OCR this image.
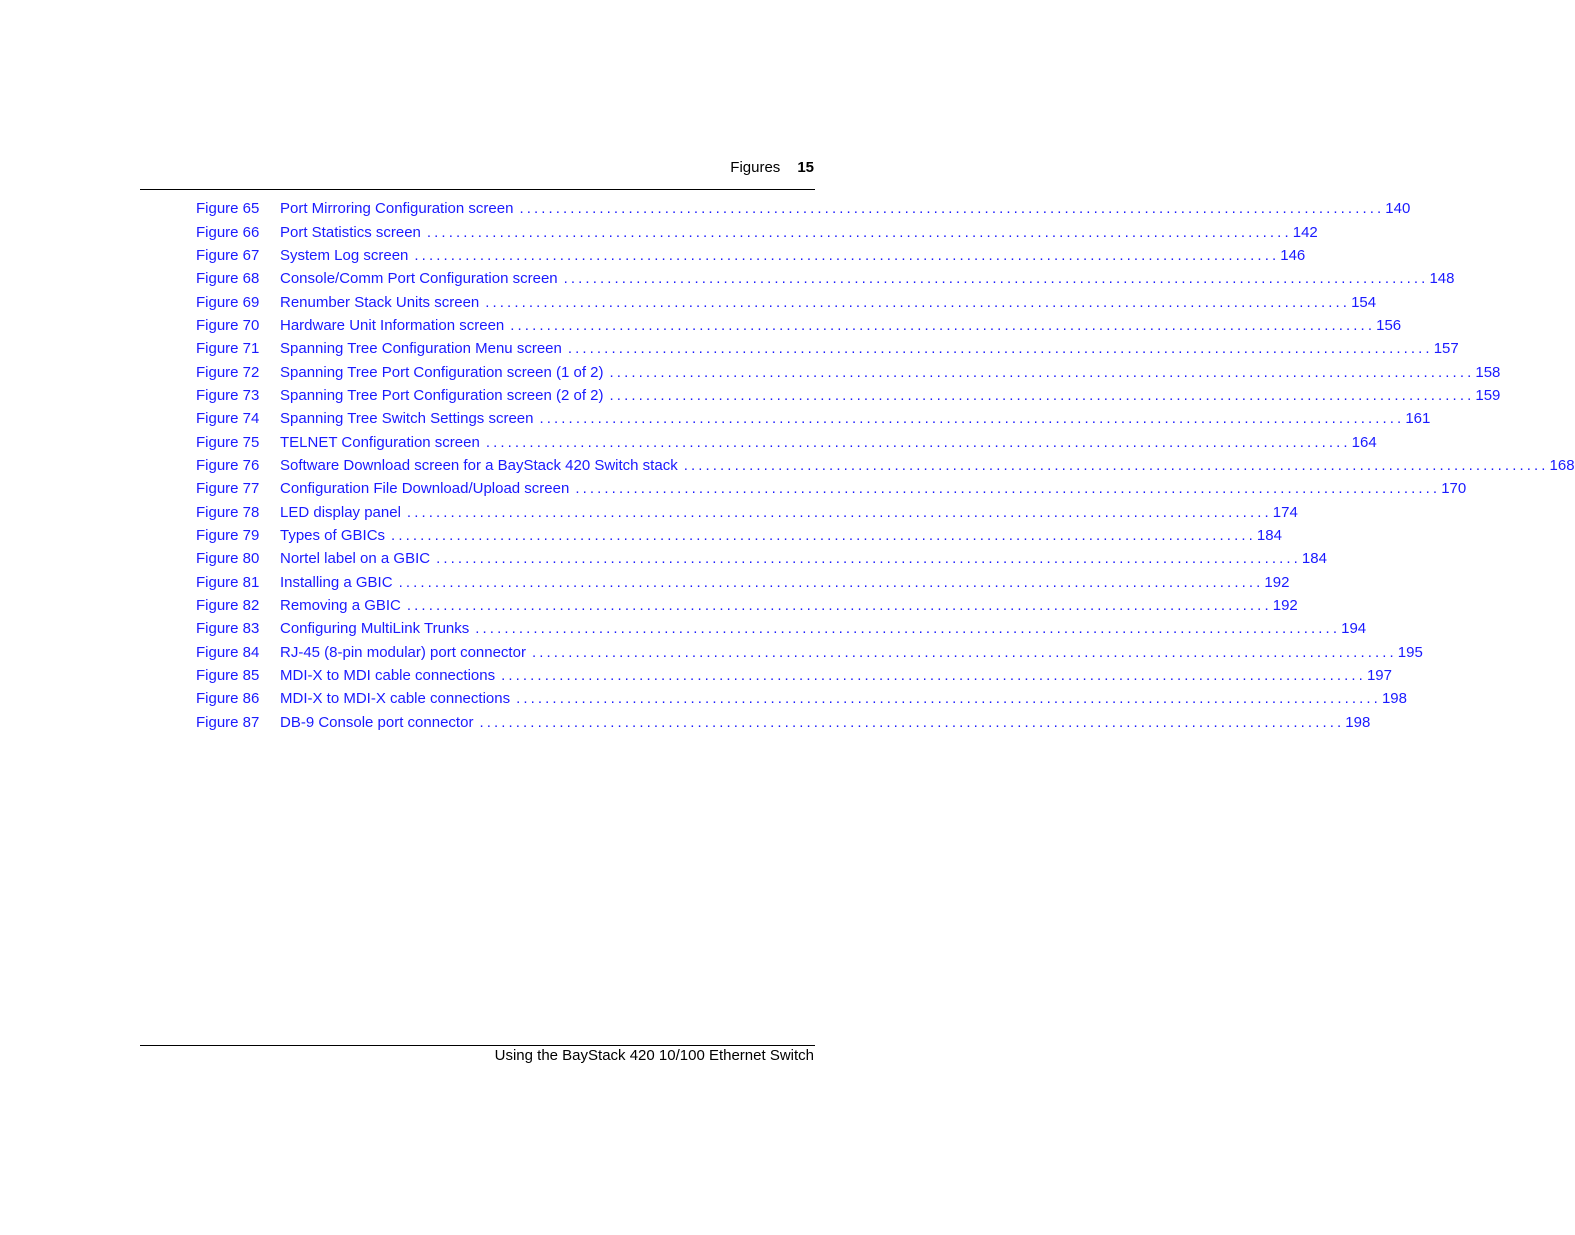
Figures 15
Figure 65	Port Mirroring Configuration screen ....................................................................................................................... 140
Figure 66	Port Statistics screen ....................................................................................................................... 142
Figure 67	System Log screen ....................................................................................................................... 146
Figure 68	Console/Comm Port Configuration screen ....................................................................................................................... 148
Figure 69	Renumber Stack Units screen ....................................................................................................................... 154
Figure 70	Hardware Unit Information screen ....................................................................................................................... 156
Figure 71	Spanning Tree Configuration Menu screen ....................................................................................................................... 157
Figure 72	Spanning Tree Port Configuration screen (1 of 2) ....................................................................................................................... 158
Figure 73	Spanning Tree Port Configuration screen (2 of 2) ....................................................................................................................... 159
Figure 74	Spanning Tree Switch Settings screen ....................................................................................................................... 161
Figure 75	TELNET Configuration screen ....................................................................................................................... 164
Figure 76	Software Download screen for a BayStack 420 Switch stack ....................................................................................................................... 168
Figure 77	Configuration File Download/Upload screen ....................................................................................................................... 170
Figure 78	LED display panel ....................................................................................................................... 174
Figure 79	Types of GBICs ....................................................................................................................... 184
Figure 80	Nortel label on a GBIC ....................................................................................................................... 184
Figure 81	Installing a GBIC ....................................................................................................................... 192
Figure 82	Removing a GBIC ....................................................................................................................... 192
Figure 83	Configuring MultiLink Trunks ....................................................................................................................... 194
Figure 84	RJ-45 (8-pin modular) port connector ....................................................................................................................... 195
Figure 85	MDI-X to MDI cable connections ....................................................................................................................... 197
Figure 86	MDI-X to MDI-X cable connections ....................................................................................................................... 198
Figure 87	DB-9 Console port connector ....................................................................................................................... 198
Using the BayStack 420 10/100 Ethernet Switch
